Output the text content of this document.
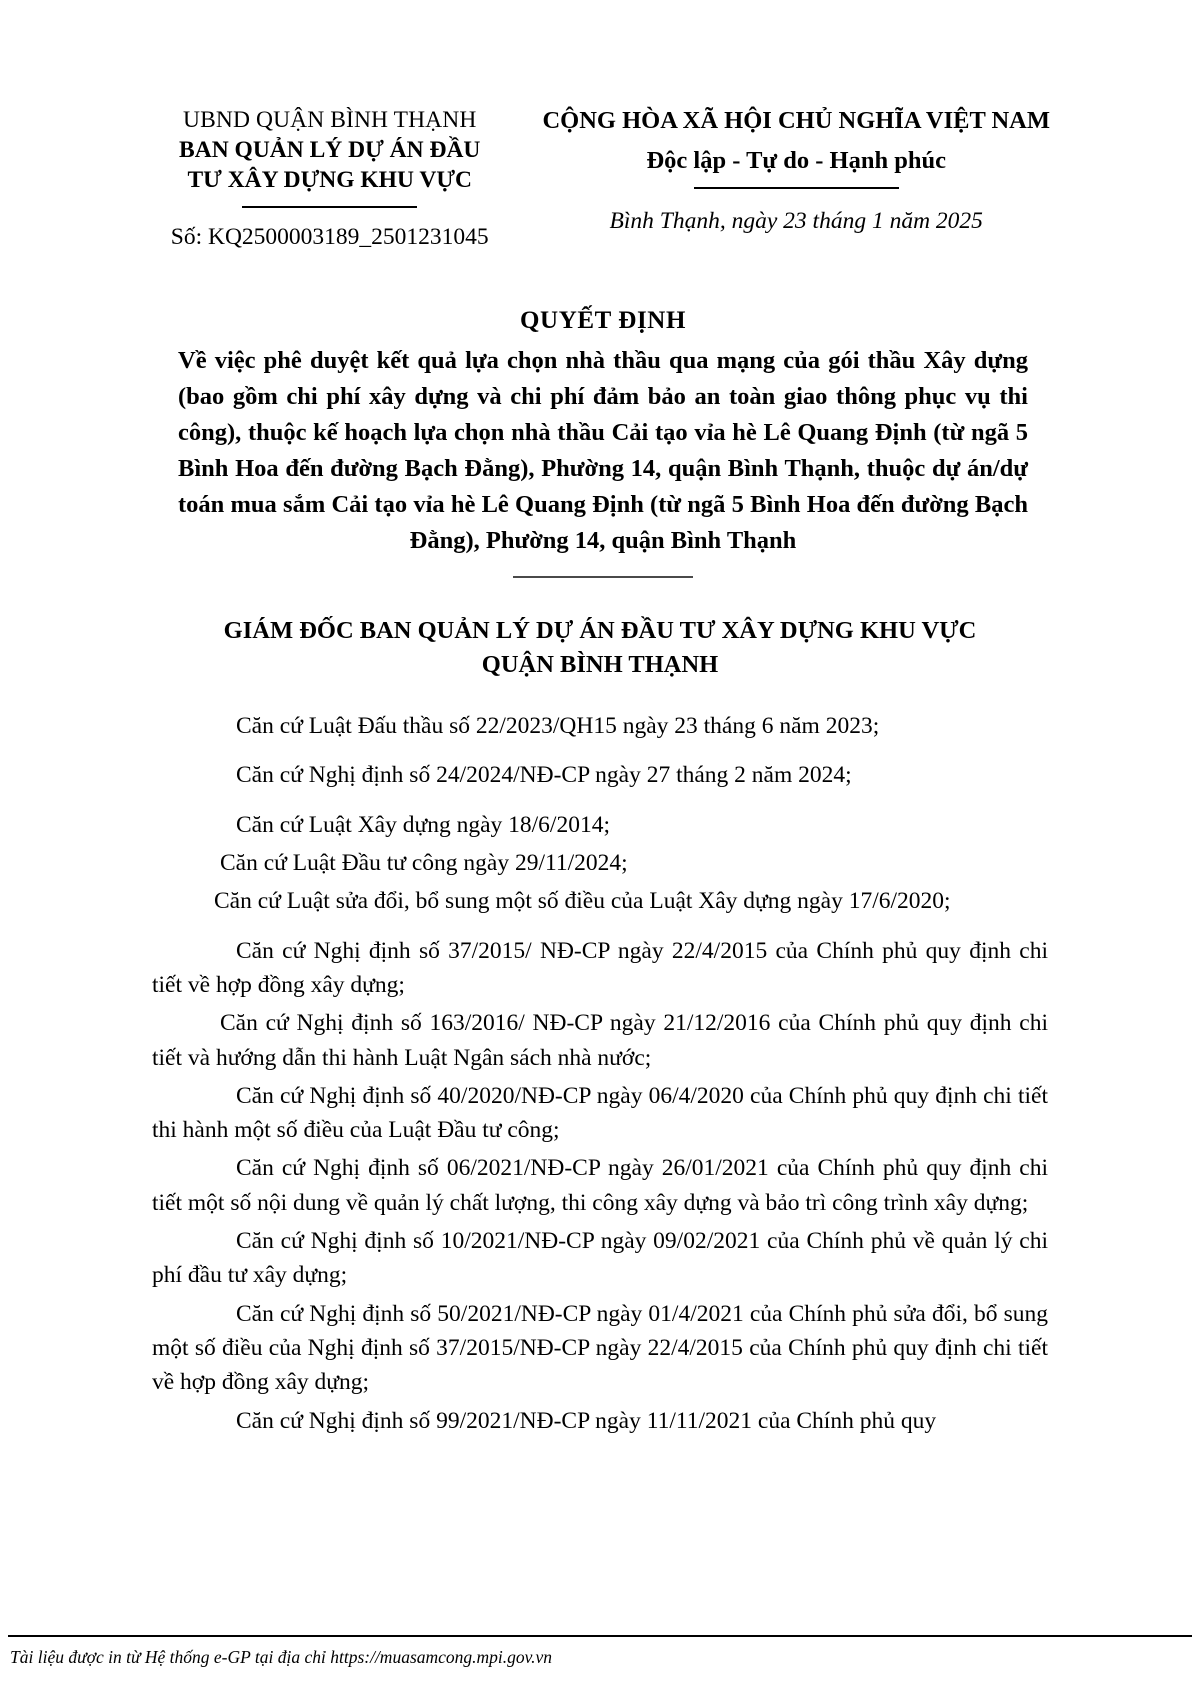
UBND QUẬN BÌNH THẠNH
BAN QUẢN LÝ DỰ ÁN ĐẦU
TƯ XÂY DỰNG KHU VỰC
Số: KQ2500003189_2501231045
CỘNG HÒA XÃ HỘI CHỦ NGHĨA VIỆT NAM
Độc lập - Tự do - Hạnh phúc
Bình Thạnh, ngày 23 tháng 1 năm 2025
QUYẾT ĐỊNH
Về việc phê duyệt kết quả lựa chọn nhà thầu qua mạng của gói thầu Xây dựng (bao gồm chi phí xây dựng và chi phí đảm bảo an toàn giao thông phục vụ thi công), thuộc kế hoạch lựa chọn nhà thầu Cải tạo vỉa hè Lê Quang Định (từ ngã 5 Bình Hoa đến đường Bạch Đằng), Phường 14, quận Bình Thạnh, thuộc dự án/dự toán mua sắm Cải tạo vỉa hè Lê Quang Định (từ ngã 5 Bình Hoa đến đường Bạch Đằng), Phường 14, quận Bình Thạnh
GIÁM ĐỐC BAN QUẢN LÝ DỰ ÁN ĐẦU TƯ XÂY DỰNG KHU VỰC
QUẬN BÌNH THẠNH

Căn cứ Luật Đấu thầu số 22/2023/QH15 ngày 23 tháng 6 năm 2023;

Căn cứ Nghị định số 24/2024/NĐ-CP ngày 27 tháng 2 năm 2024;

Căn cứ Luật Xây dựng ngày 18/6/2014;

Căn cứ Luật Đầu tư công ngày 29/11/2024;

Căn cứ Luật sửa đổi, bổ sung một số điều của Luật Xây dựng ngày 17/6/2020;

Căn cứ Nghị định số 37/2015/ NĐ-CP ngày 22/4/2015 của Chính phủ quy định chi tiết về hợp đồng xây dựng;

Căn cứ Nghị định số 163/2016/ NĐ-CP ngày 21/12/2016 của Chính phủ quy định chi tiết và hướng dẫn thi hành Luật Ngân sách nhà nước;

Căn cứ Nghị định số 40/2020/NĐ-CP ngày 06/4/2020 của Chính phủ quy định chi tiết thi hành một số điều của Luật Đầu tư công;

Căn cứ Nghị định số 06/2021/NĐ-CP ngày 26/01/2021 của Chính phủ quy định chi tiết một số nội dung về quản lý chất lượng, thi công xây dựng và bảo trì công trình xây dựng;

Căn cứ Nghị định số 10/2021/NĐ-CP ngày 09/02/2021 của Chính phủ về quản lý chi phí đầu tư xây dựng;

Căn cứ Nghị định số 50/2021/NĐ-CP ngày 01/4/2021 của Chính phủ sửa đổi, bổ sung một số điều của Nghị định số 37/2015/NĐ-CP ngày 22/4/2015 của Chính phủ quy định chi tiết về hợp đồng xây dựng;

Căn cứ Nghị định số 99/2021/NĐ-CP ngày 11/11/2021 của Chính phủ quy

Tài liệu được in từ Hệ thống e-GP tại địa chỉ https://muasamcong.mpi.gov.vn
